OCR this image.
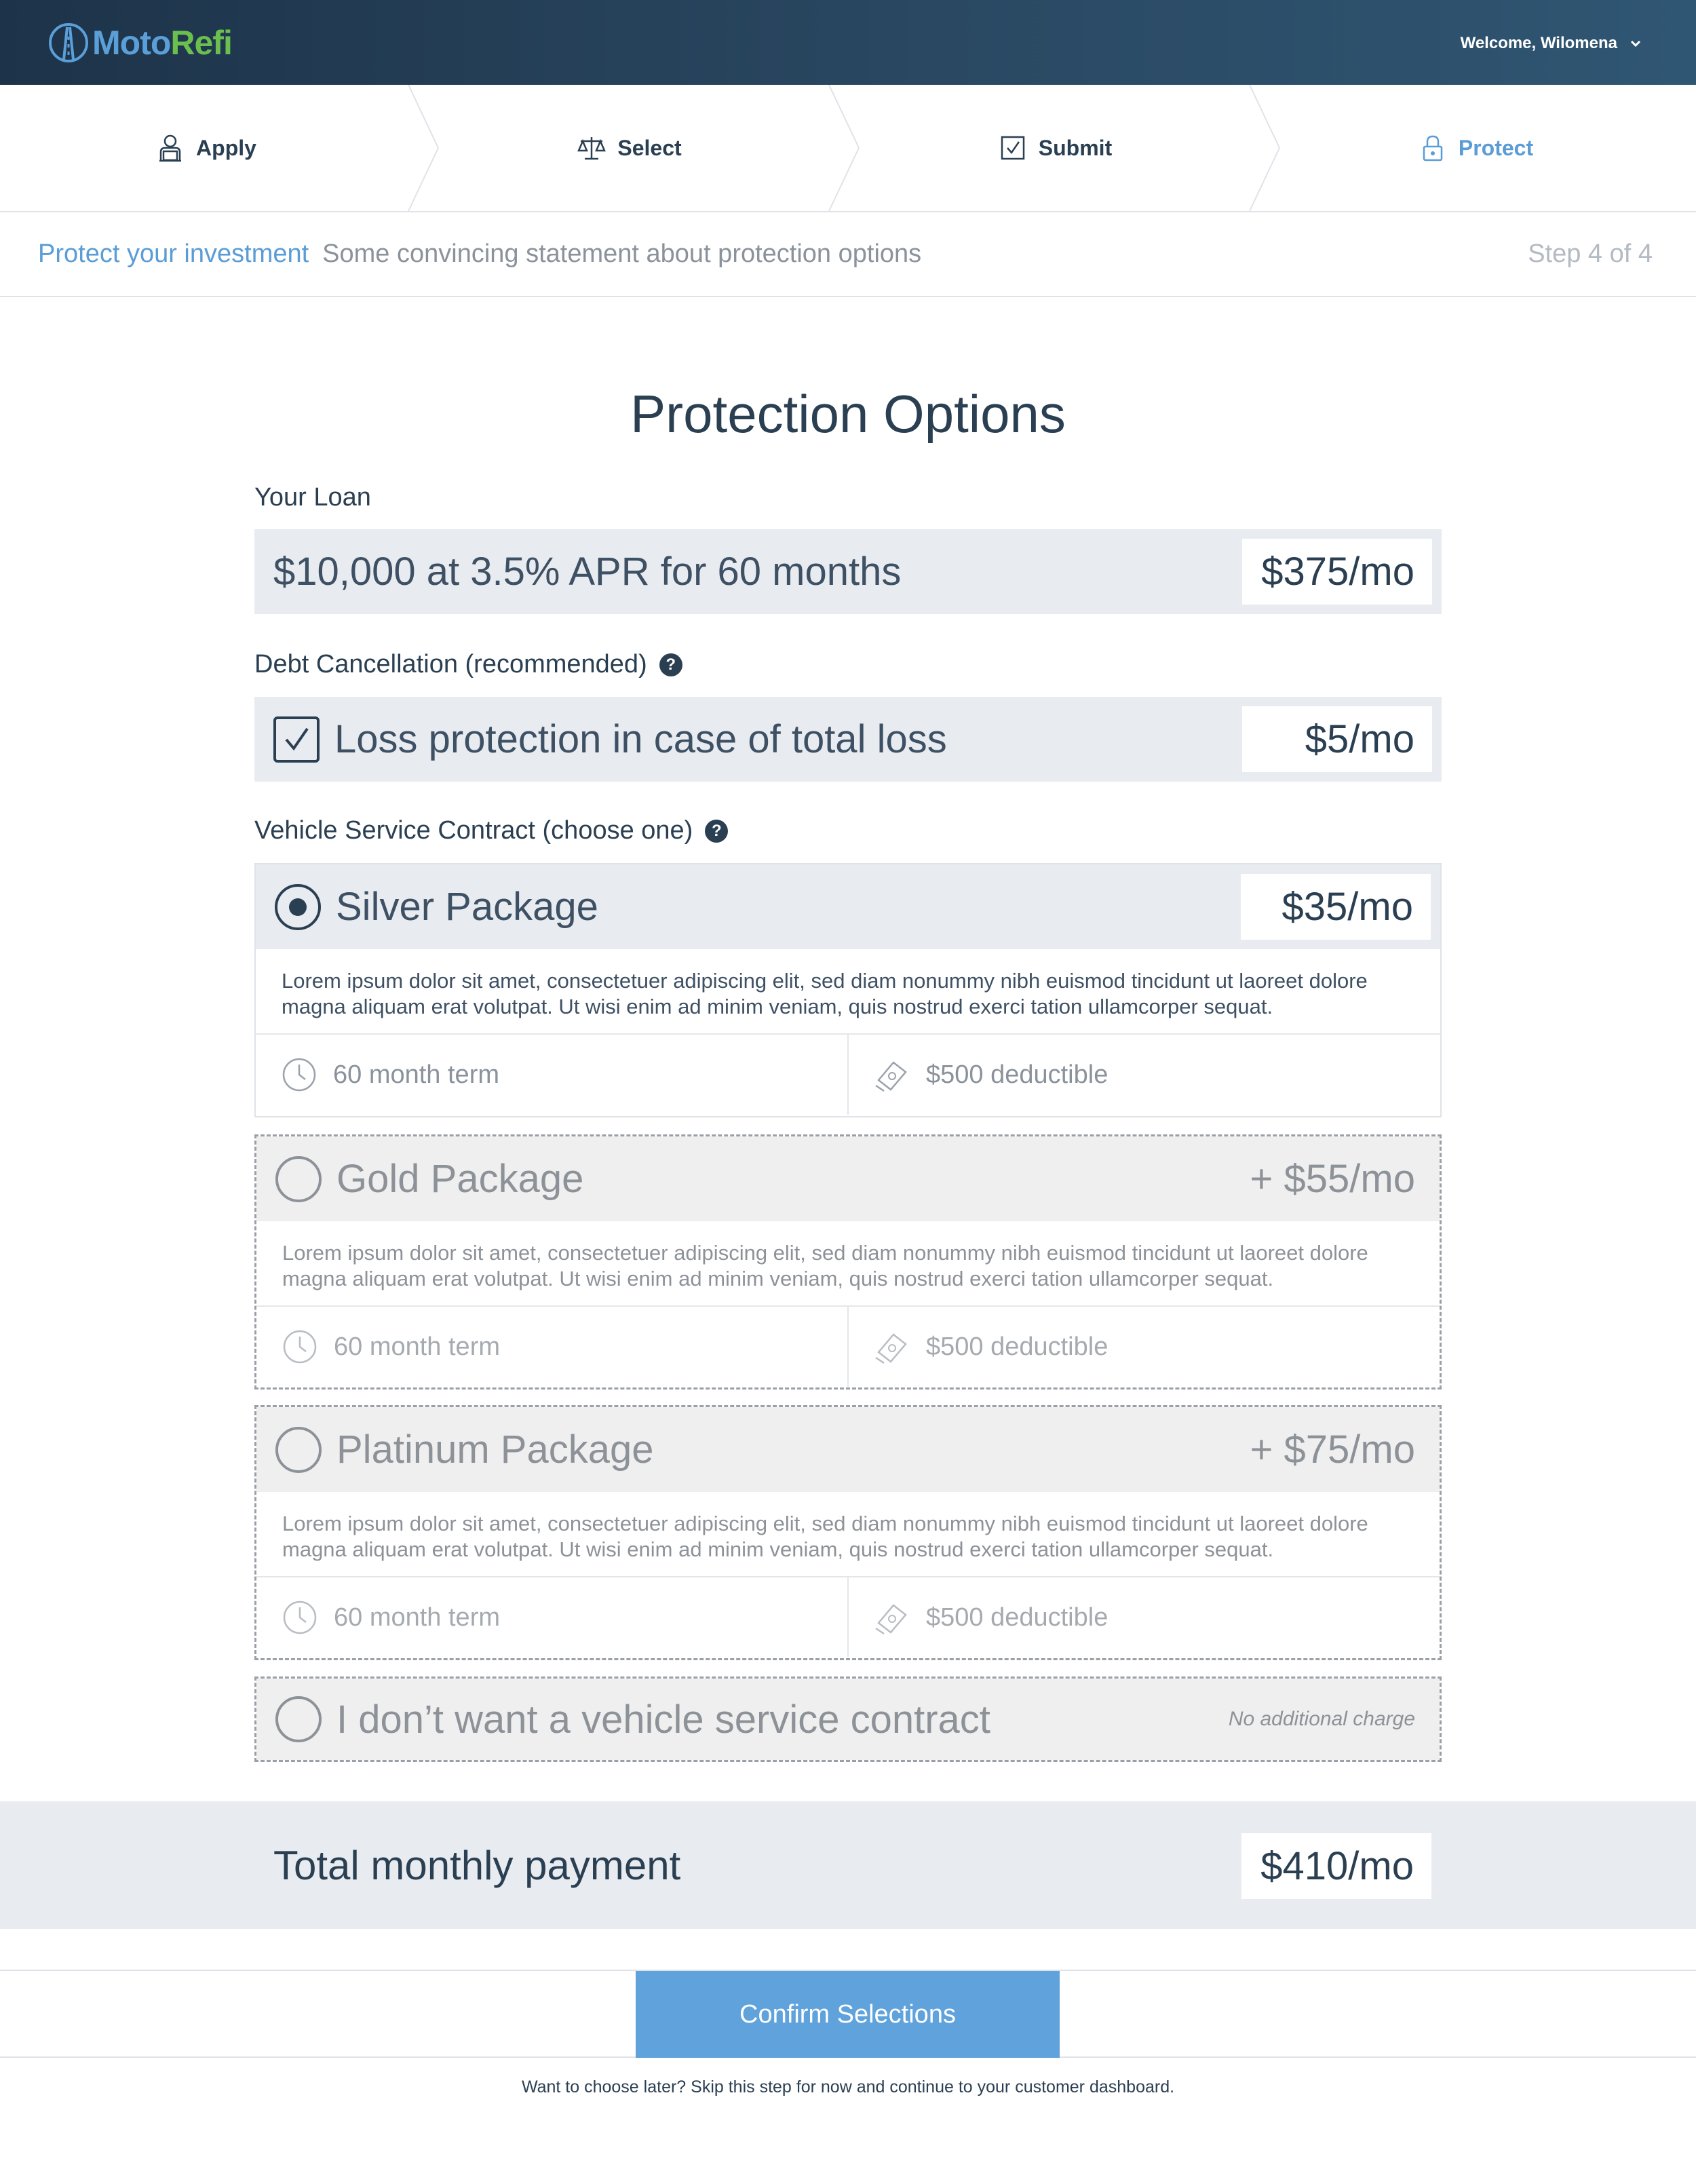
MotoRefi	Welcome, Wilomena
Apply	Select	Submit	Protect
Protect your investment Some convincing statement about protection options	Step 4 of 4
Protection Options
Your Loan
$10,000 at 3.5% APR for 60 months	$375/mo
Debt Cancellation (recommended)	?
Loss protection in case of total loss	$5/mo
Vehicle Service Contract (choose one)	?
Silver Package	$35/mo
Lorem ipsum dolor sit amet, consectetuer adipiscing elit, sed diam nonummy nibh euismod tincidunt ut laoreet dolore magna aliquam erat volutpat. Ut wisi enim ad minim veniam, quis nostrud exerci tation ullamcorper sequat.
60 month term	$500 deductible
Gold Package	+ $55/mo
Lorem ipsum dolor sit amet, consectetuer adipiscing elit, sed diam nonummy nibh euismod tincidunt ut laoreet dolore magna aliquam erat volutpat. Ut wisi enim ad minim veniam, quis nostrud exerci tation ullamcorper sequat.
60 month term	$500 deductible
Platinum Package	+ $75/mo
Lorem ipsum dolor sit amet, consectetuer adipiscing elit, sed diam nonummy nibh euismod tincidunt ut laoreet dolore magna aliquam erat volutpat. Ut wisi enim ad minim veniam, quis nostrud exerci tation ullamcorper sequat.
60 month term	$500 deductible
I don’t want a vehicle service contract	No additional charge
Total monthly payment	$410/mo
Confirm Selections
Want to choose later? Skip this step for now and continue to your customer dashboard.
